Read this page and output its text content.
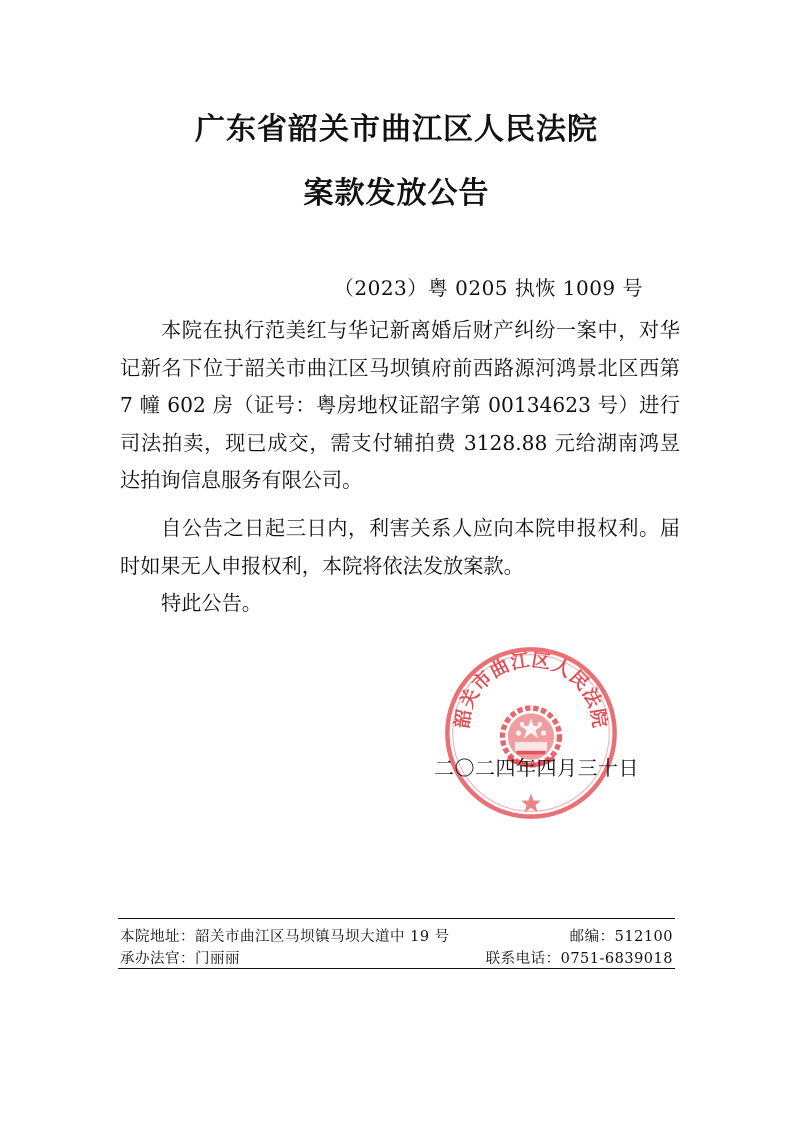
广东省韶关市曲江区人民法院
案款发放公告
（2023）粤 0205 执恢 1009 号

本院在执行范美红与华记新离婚后财产纠纷一案中，对华记新名下位于韶关市曲江区马坝镇府前西路源河鸿景北区西第 7 幢 602 房（证号：粤房地权证韶字第 00134623 号）进行司法拍卖，现已成交，需支付辅拍费 3128.88 元给湖南鸿昱达拍询信息服务有限公司。

自公告之日起三日内，利害关系人应向本院申报权利。届时如果无人申报权利，本院将依法发放案款。

特此公告。

韶关市曲江区人民法院
二〇二四年四月三十日
本院地址：韶关市曲江区马坝镇马坝大道中 19 号	邮编：512100
承办法官：门丽丽	联系电话：0751-6839018
